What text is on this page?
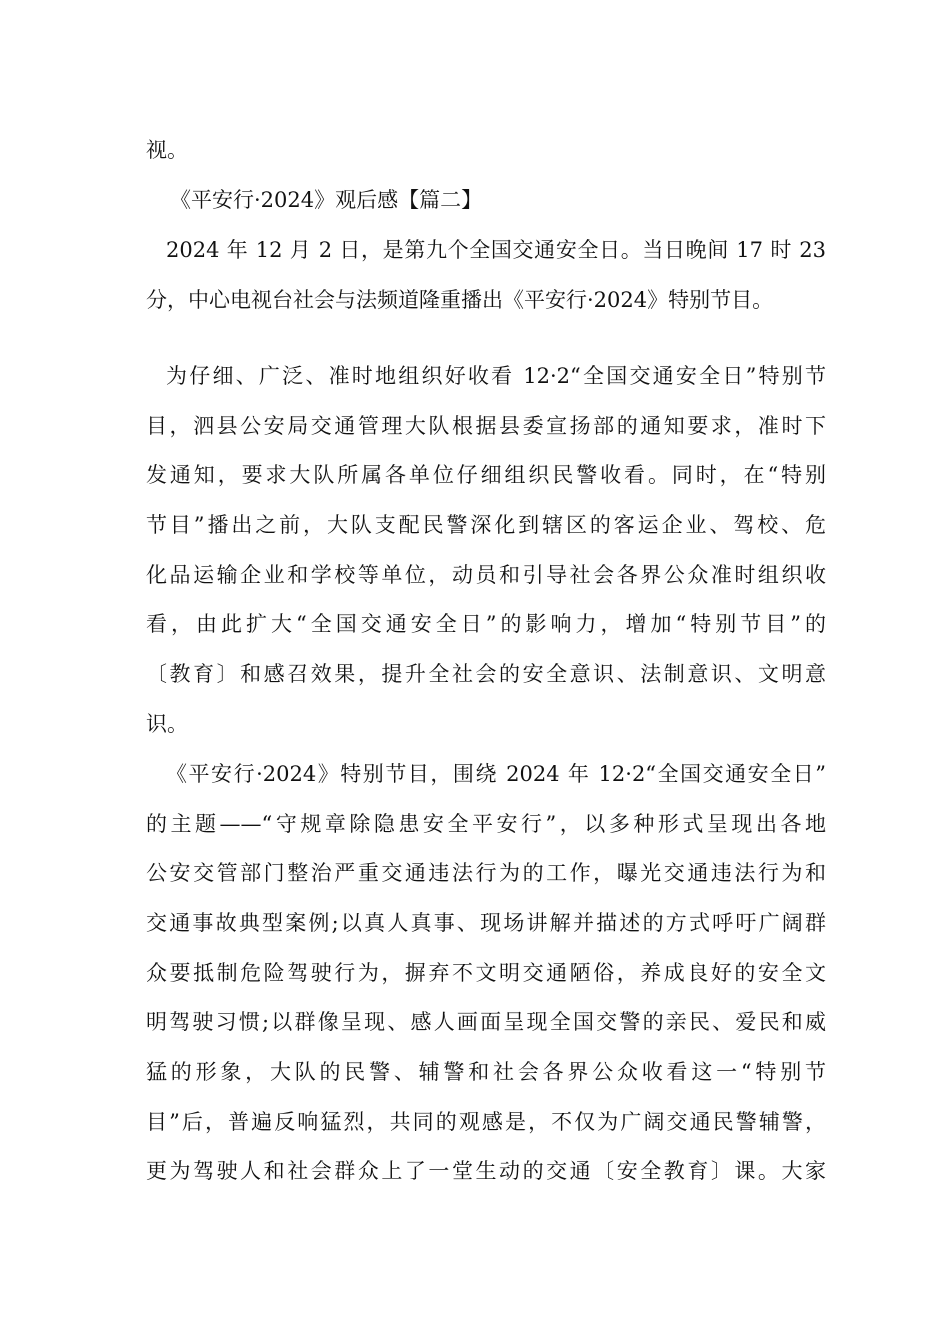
视。
《平安行·2024》观后感【篇二】
2024 年 12 月 2 日，是第九个全国交通安全日。当日晚间 17 时 23
分，中心电视台社会与法频道隆重播出《平安行·2024》特别节目。
为仔细、广泛、准时地组织好收看 12·2“全国交通安全日”特别节
目，泗县公安局交通管理大队根据县委宣扬部的通知要求，准时下
发通知，要求大队所属各单位仔细组织民警收看。同时，在“特别
节目”播出之前，大队支配民警深化到辖区的客运企业、驾校、危
化品运输企业和学校等单位，动员和引导社会各界公众准时组织收
看，由此扩大“全国交通安全日”的影响力，增加“特别节目”的
〔教育〕和感召效果，提升全社会的安全意识、法制意识、文明意
识。
《平安行·2024》特别节目，围绕 2024 年 12·2“全国交通安全日”
的主题——“守规章除隐患安全平安行”，以多种形式呈现出各地
公安交管部门整治严重交通违法行为的工作，曝光交通违法行为和
交通事故典型案例;以真人真事、现场讲解并描述的方式呼吁广阔群
众要抵制危险驾驶行为，摒弃不文明交通陋俗，养成良好的安全文
明驾驶习惯;以群像呈现、感人画面呈现全国交警的亲民、爱民和威
猛的形象，大队的民警、辅警和社会各界公众收看这一“特别节
目”后，普遍反响猛烈，共同的观感是，不仅为广阔交通民警辅警，
更为驾驶人和社会群众上了一堂生动的交通〔安全教育〕课。大家
